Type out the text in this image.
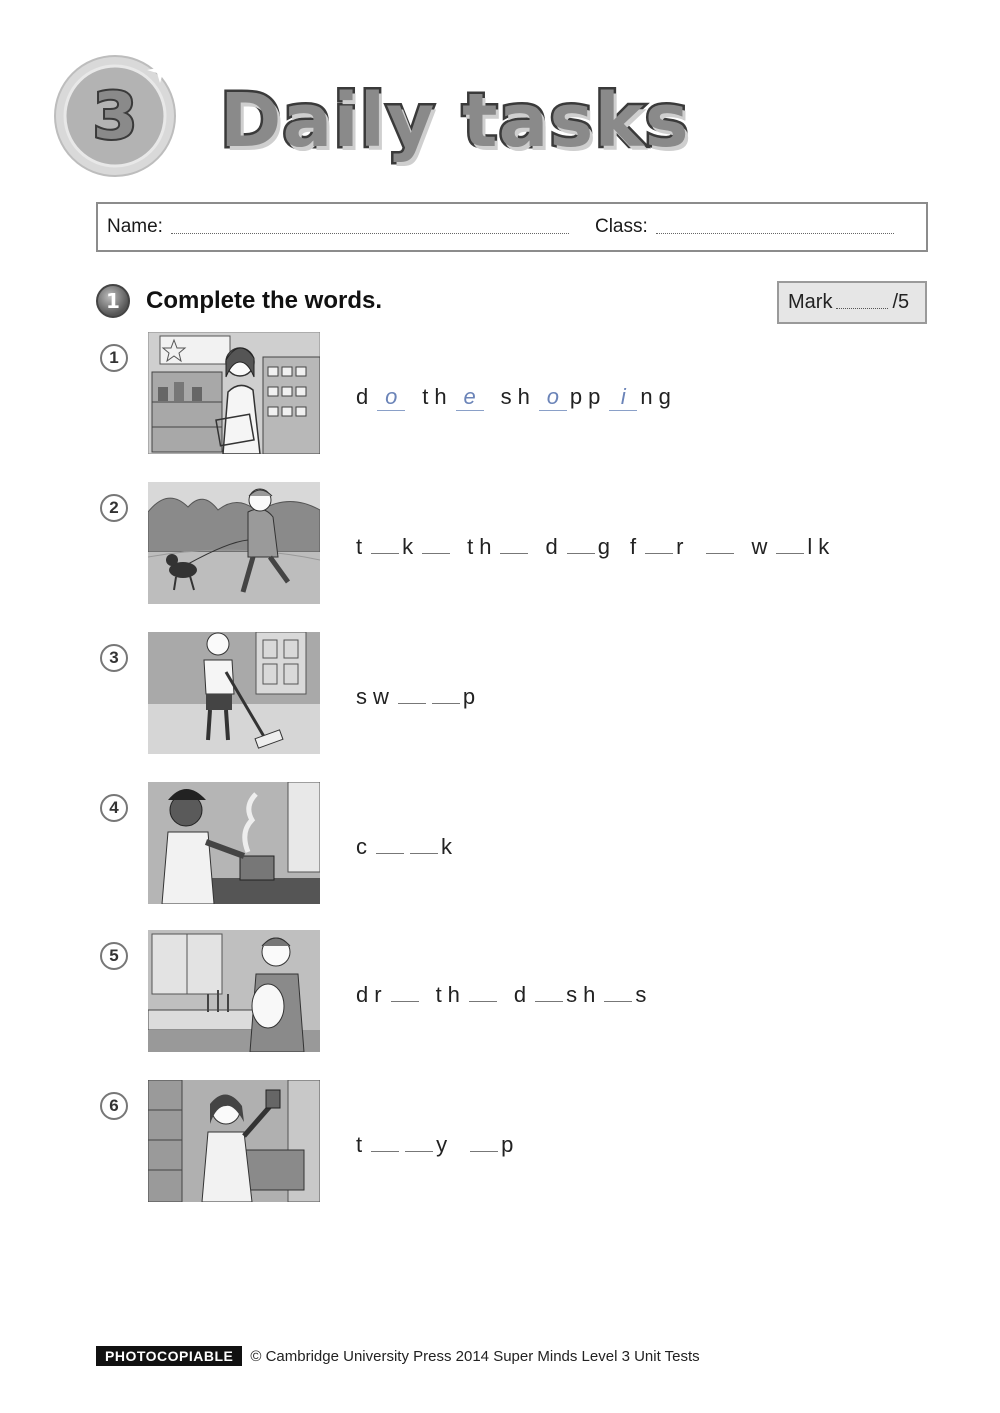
3 Daily tasks
Name:	Class:
1	Complete the words.	Mark	/5
1
d o th e sh o pp i ng
2
t k th d g f r	w lk
3
sw	p
4
c	k
5
dr th d sh s
6
t	y p
PHOTOCOPIABLE	© Cambridge University Press 2014 Super Minds Level 3 Unit Tests
